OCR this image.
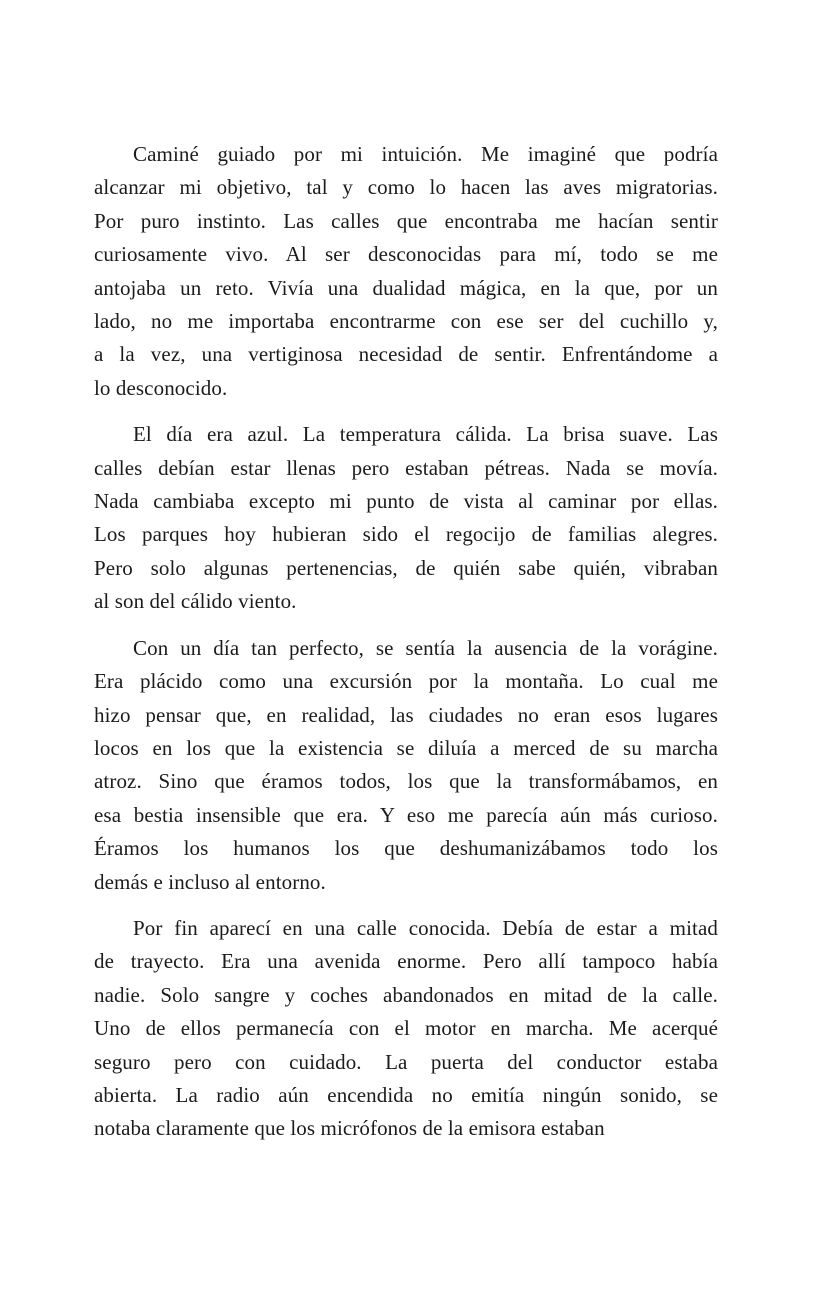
Caminé guiado por mi intuición. Me imaginé que podría
alcanzar mi objetivo, tal y como lo hacen las aves migratorias.
Por puro instinto. Las calles que encontraba me hacían sentir
curiosamente vivo. Al ser desconocidas para mí, todo se me
antojaba un reto. Vivía una dualidad mágica, en la que, por un
lado, no me importaba encontrarme con ese ser del cuchillo y,
a la vez, una vertiginosa necesidad de sentir. Enfrentándome a
lo desconocido.

El día era azul. La temperatura cálida. La brisa suave. Las
calles debían estar llenas pero estaban pétreas. Nada se movía.
Nada cambiaba excepto mi punto de vista al caminar por ellas.
Los parques hoy hubieran sido el regocijo de familias alegres.
Pero solo algunas pertenencias, de quién sabe quién, vibraban
al son del cálido viento.

Con un día tan perfecto, se sentía la ausencia de la vorágine.
Era plácido como una excursión por la montaña. Lo cual me
hizo pensar que, en realidad, las ciudades no eran esos lugares
locos en los que la existencia se diluía a merced de su marcha
atroz. Sino que éramos todos, los que la transformábamos, en
esa bestia insensible que era. Y eso me parecía aún más curioso.
Éramos los humanos los que deshumanizábamos todo los
demás e incluso al entorno.

Por fin aparecí en una calle conocida. Debía de estar a mitad
de trayecto. Era una avenida enorme. Pero allí tampoco había
nadie. Solo sangre y coches abandonados en mitad de la calle.
Uno de ellos permanecía con el motor en marcha. Me acerqué
seguro pero con cuidado. La puerta del conductor estaba
abierta. La radio aún encendida no emitía ningún sonido, se
notaba claramente que los micrófonos de la emisora estaban
